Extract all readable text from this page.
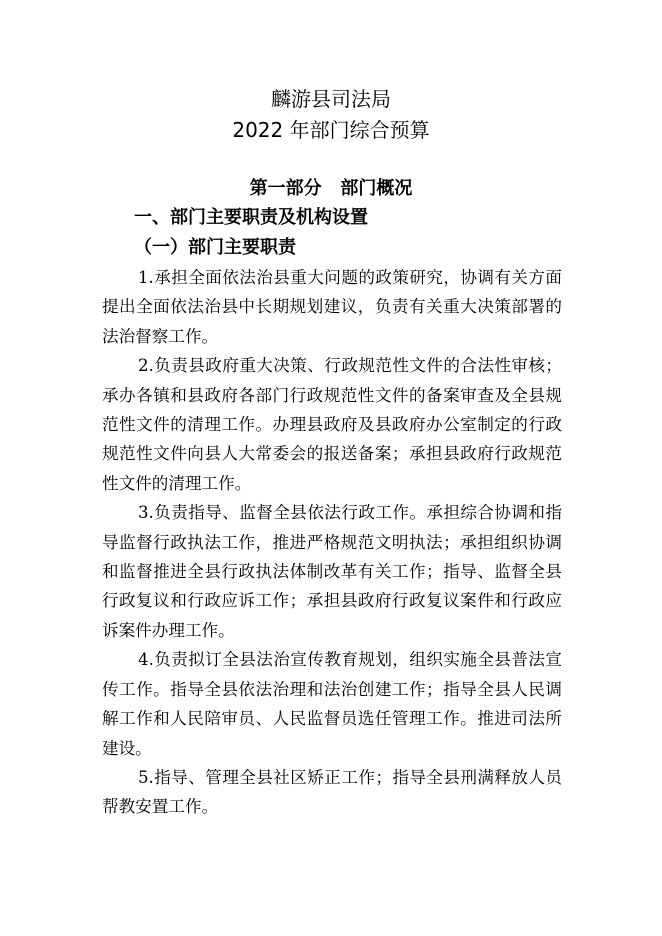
麟游县司法局
2022 年部门综合预算
第一部分   部门概况
一、部门主要职责及机构设置
（一）部门主要职责

1.承担全面依法治县重大问题的政策研究，协调有关方面提出全面依法治县中长期规划建议，负责有关重大决策部署的法治督察工作。

2.负责县政府重大决策、行政规范性文件的合法性审核；承办各镇和县政府各部门行政规范性文件的备案审查及全县规范性文件的清理工作。办理县政府及县政府办公室制定的行政规范性文件向县人大常委会的报送备案；承担县政府行政规范性文件的清理工作。

3.负责指导、监督全县依法行政工作。承担综合协调和指导监督行政执法工作，推进严格规范文明执法；承担组织协调和监督推进全县行政执法体制改革有关工作；指导、监督全县行政复议和行政应诉工作；承担县政府行政复议案件和行政应诉案件办理工作。

4.负责拟订全县法治宣传教育规划，组织实施全县普法宣传工作。指导全县依法治理和法治创建工作；指导全县人民调解工作和人民陪审员、人民监督员选任管理工作。推进司法所建设。

5.指导、管理全县社区矫正工作；指导全县刑满释放人员帮教安置工作。
